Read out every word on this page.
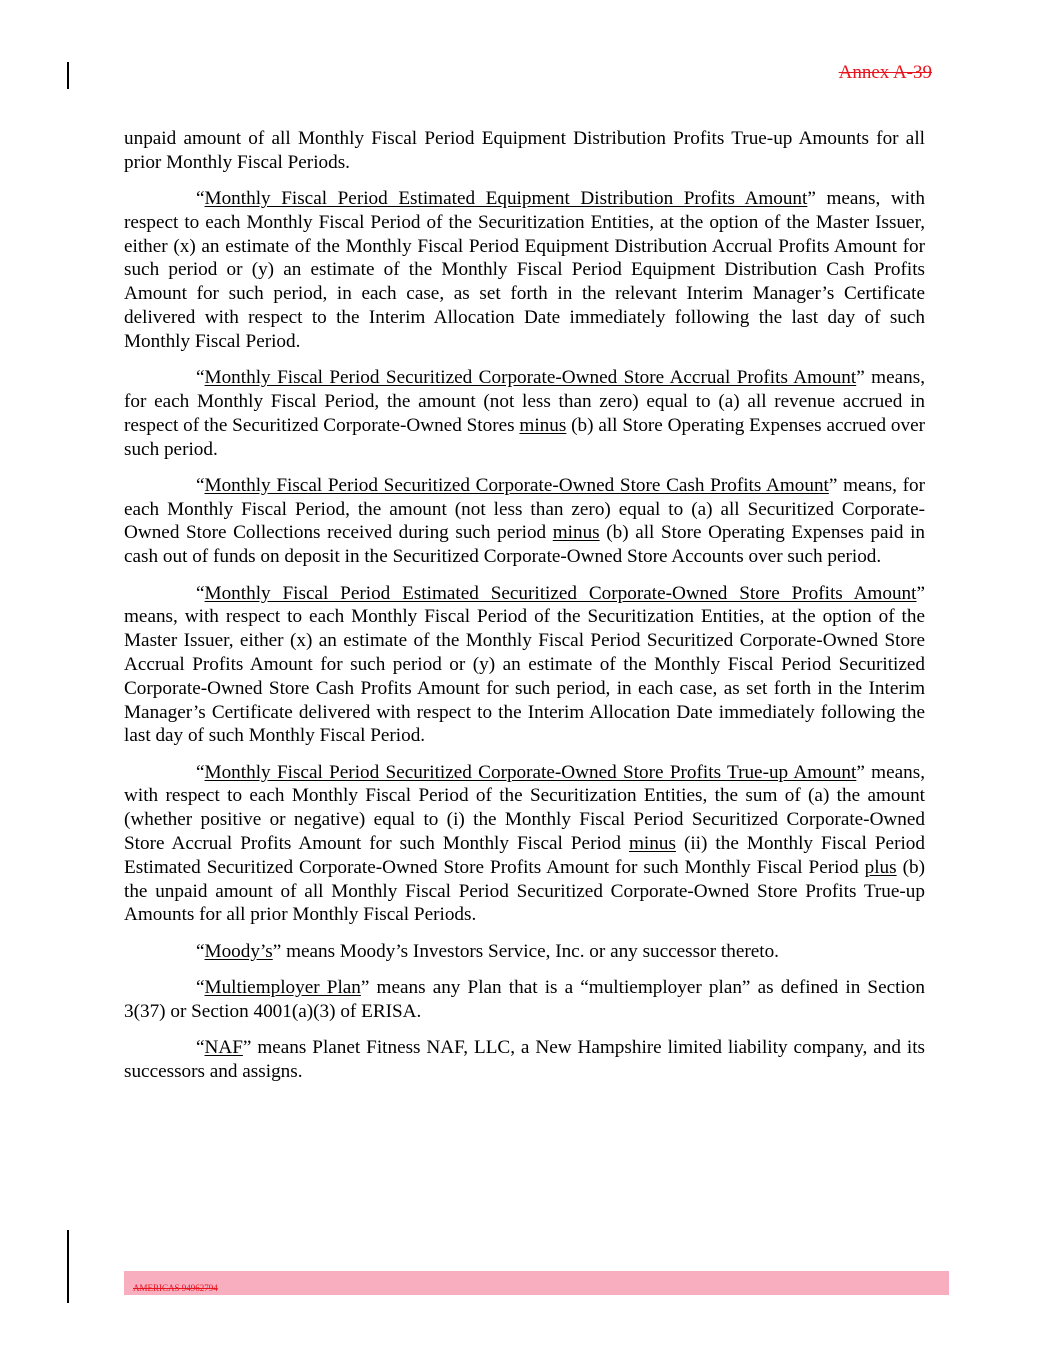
Annex A-39

unpaid amount of all Monthly Fiscal Period Equipment Distribution Profits True-up Amounts for all prior Monthly Fiscal Periods.

“Monthly Fiscal Period Estimated Equipment Distribution Profits Amount” means, with respect to each Monthly Fiscal Period of the Securitization Entities, at the option of the Master Issuer, either (x) an estimate of the Monthly Fiscal Period Equipment Distribution Accrual Profits Amount for such period or (y) an estimate of the Monthly Fiscal Period Equipment Distribution Cash Profits Amount for such period, in each case, as set forth in the relevant Interim Manager’s Certificate delivered with respect to the Interim Allocation Date immediately following the last day of such Monthly Fiscal Period.

“Monthly Fiscal Period Securitized Corporate-Owned Store Accrual Profits Amount” means, for each Monthly Fiscal Period, the amount (not less than zero) equal to (a) all revenue accrued in respect of the Securitized Corporate-Owned Stores minus (b) all Store Operating Expenses accrued over such period.

“Monthly Fiscal Period Securitized Corporate-Owned Store Cash Profits Amount” means, for each Monthly Fiscal Period, the amount (not less than zero) equal to (a) all Securitized Corporate-Owned Store Collections received during such period minus (b) all Store Operating Expenses paid in cash out of funds on deposit in the Securitized Corporate-Owned Store Accounts over such period.

“Monthly Fiscal Period Estimated Securitized Corporate-Owned Store Profits Amount” means, with respect to each Monthly Fiscal Period of the Securitization Entities, at the option of the Master Issuer, either (x) an estimate of the Monthly Fiscal Period Securitized Corporate-Owned Store Accrual Profits Amount for such period or (y) an estimate of the Monthly Fiscal Period Securitized Corporate-Owned Store Cash Profits Amount for such period, in each case, as set forth in the Interim Manager’s Certificate delivered with respect to the Interim Allocation Date immediately following the last day of such Monthly Fiscal Period.

“Monthly Fiscal Period Securitized Corporate-Owned Store Profits True-up Amount” means, with respect to each Monthly Fiscal Period of the Securitization Entities, the sum of (a) the amount (whether positive or negative) equal to (i) the Monthly Fiscal Period Securitized Corporate-Owned Store Accrual Profits Amount for such Monthly Fiscal Period minus (ii) the Monthly Fiscal Period Estimated Securitized Corporate-Owned Store Profits Amount for such Monthly Fiscal Period plus (b) the unpaid amount of all Monthly Fiscal Period Securitized Corporate-Owned Store Profits True-up Amounts for all prior Monthly Fiscal Periods.

“Moody’s” means Moody’s Investors Service, Inc. or any successor thereto.

“Multiemployer Plan” means any Plan that is a “multiemployer plan” as defined in Section 3(37) or Section 4001(a)(3) of ERISA.

“NAF” means Planet Fitness NAF, LLC, a New Hampshire limited liability company, and its successors and assigns.

AMERICAS 94962794
